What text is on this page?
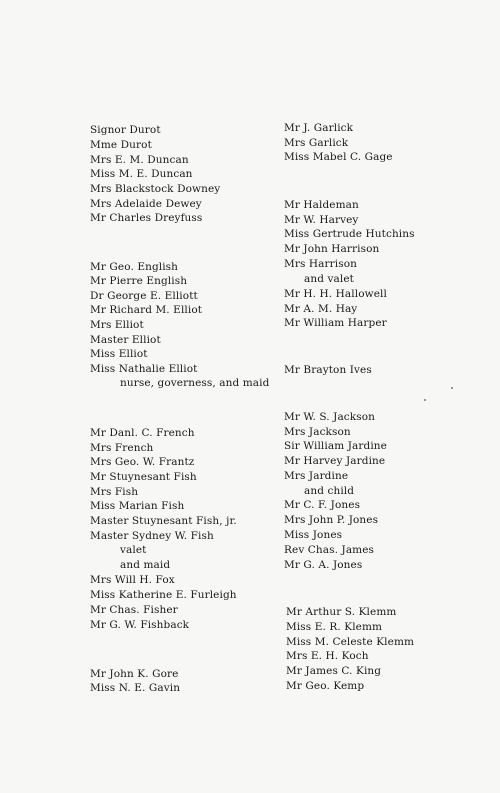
Signor Durot
Mme Durot
Mrs E. M. Duncan
Miss M. E. Duncan
Mrs Blackstock Downey
Mrs Adelaide Dewey
Mr Charles Dreyfuss
Mr Geo. English
Mr Pierre English
Dr George E. Elliott
Mr Richard M. Elliot
Mrs Elliot
Master Elliot
Miss Elliot
Miss Nathalie Elliot
nurse, governess, and maid
Mr Danl. C. French
Mrs French
Mrs Geo. W. Frantz
Mr Stuynesant Fish
Mrs Fish
Miss Marian Fish
Master Stuynesant Fish, jr.
Master Sydney W. Fish
valet
and maid
Mrs Will H. Fox
Miss Katherine E. Furleigh
Mr Chas. Fisher
Mr G. W. Fishback
Mr John K. Gore
Miss N. E. Gavin
Mr J. Garlick
Mrs Garlick
Miss Mabel C. Gage
Mr Haldeman
Mr W. Harvey
Miss Gertrude Hutchins
Mr John Harrison
Mrs Harrison
and valet
Mr H. H. Hallowell
Mr A. M. Hay
Mr William Harper
Mr Brayton Ives
Mr W. S. Jackson
Mrs Jackson
Sir William Jardine
Mr Harvey Jardine
Mrs Jardine
and child
Mr C. F. Jones
Mrs John P. Jones
Miss Jones
Rev Chas. James
Mr G. A. Jones
Mr Arthur S. Klemm
Miss E. R. Klemm
Miss M. Celeste Klemm
Mrs E. H. Koch
Mr James C. King
Mr Geo. Kemp
